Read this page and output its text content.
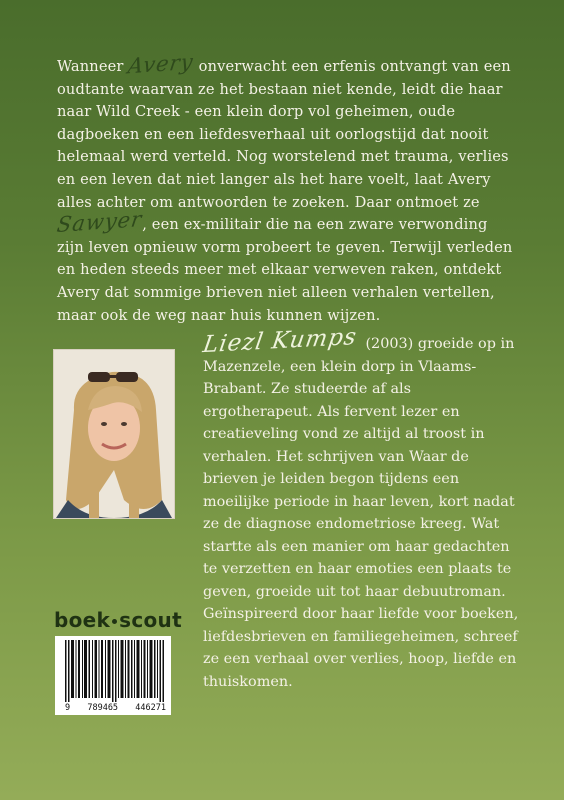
Wanneer Avery onverwacht een erfenis ontvangt van een oudtante waarvan ze het bestaan niet kende, leidt die haar naar Wild Creek - een klein dorp vol geheimen, oude dagboeken en een liefdesverhaal uit oorlogstijd dat nooit helemaal werd verteld. Nog worstelend met trauma, verlies en een leven dat niet langer als het hare voelt, laat Avery alles achter om antwoorden te zoeken. Daar ontmoet ze Sawyer, een ex-militair die na een zware verwonding zijn leven opnieuw vorm probeert te geven. Terwijl verleden en heden steeds meer met elkaar verweven raken, ontdekt Avery dat sommige brieven niet alleen verhalen vertellen, maar ook de weg naar huis kunnen wijzen.
Liezl Kumps (2003) groeide op in Mazenzele, een klein dorp in Vlaams-Brabant. Ze studeerde af als ergotherapeut. Als fervent lezer en creatieveling vond ze altijd al troost in verhalen. Het schrijven van Waar de brieven je leiden begon tijdens een moeilijke periode in haar leven, kort nadat ze de diagnose endometriose kreeg. Wat startte als een manier om haar gedachten te verzetten en haar emoties een plaats te geven, groeide uit tot haar debuutroman. Geïnspireerd door haar liefde voor boeken, liefdesbrieven en familiegeheimen, schreef ze een verhaal over verlies, hoop, liefde en thuiskomen.
boek scout
9 789465 446271
